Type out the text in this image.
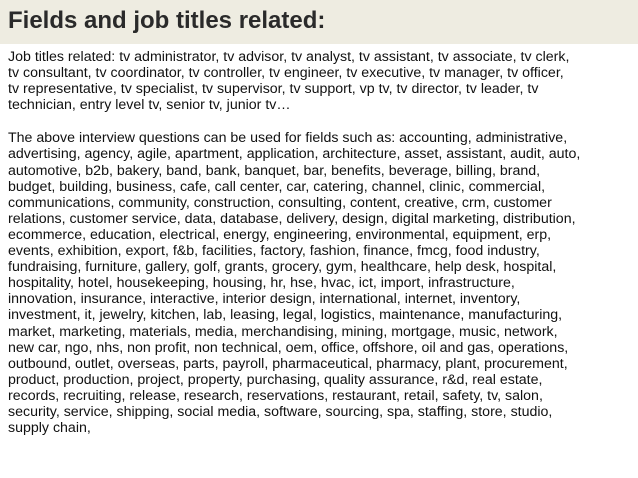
Fields and job titles related:

Job titles related: tv administrator, tv advisor, tv analyst, tv assistant, tv associate, tv clerk,
tv consultant, tv coordinator, tv controller, tv engineer, tv executive, tv manager, tv officer,
tv representative, tv specialist, tv supervisor, tv support, vp tv, tv director, tv leader, tv
technician, entry level tv, senior tv, junior tv…

The above interview questions can be used for fields such as: accounting, administrative,
advertising, agency, agile, apartment, application, architecture, asset, assistant, audit, auto,
automotive, b2b, bakery, band, bank, banquet, bar, benefits, beverage, billing, brand,
budget, building, business, cafe, call center, car, catering, channel, clinic, commercial,
communications, community, construction, consulting, content, creative, crm, customer
relations, customer service, data, database, delivery, design, digital marketing, distribution,
ecommerce, education, electrical, energy, engineering, environmental, equipment, erp,
events, exhibition, export, f&b, facilities, factory, fashion, finance, fmcg, food industry,
fundraising, furniture, gallery, golf, grants, grocery, gym, healthcare, help desk, hospital,
hospitality, hotel, housekeeping, housing, hr, hse, hvac, ict, import, infrastructure,
innovation, insurance, interactive, interior design, international, internet, inventory,
investment, it, jewelry, kitchen, lab, leasing, legal, logistics, maintenance, manufacturing,
market, marketing, materials, media, merchandising, mining, mortgage, music, network,
new car, ngo, nhs, non profit, non technical, oem, office, offshore, oil and gas, operations,
outbound, outlet, overseas, parts, payroll, pharmaceutical, pharmacy, plant, procurement,
product, production, project, property, purchasing, quality assurance, r&d, real estate,
records, recruiting, release, research, reservations, restaurant, retail, safety, tv, salon,
security, service, shipping, social media, software, sourcing, spa, staffing, store, studio,
supply chain,
